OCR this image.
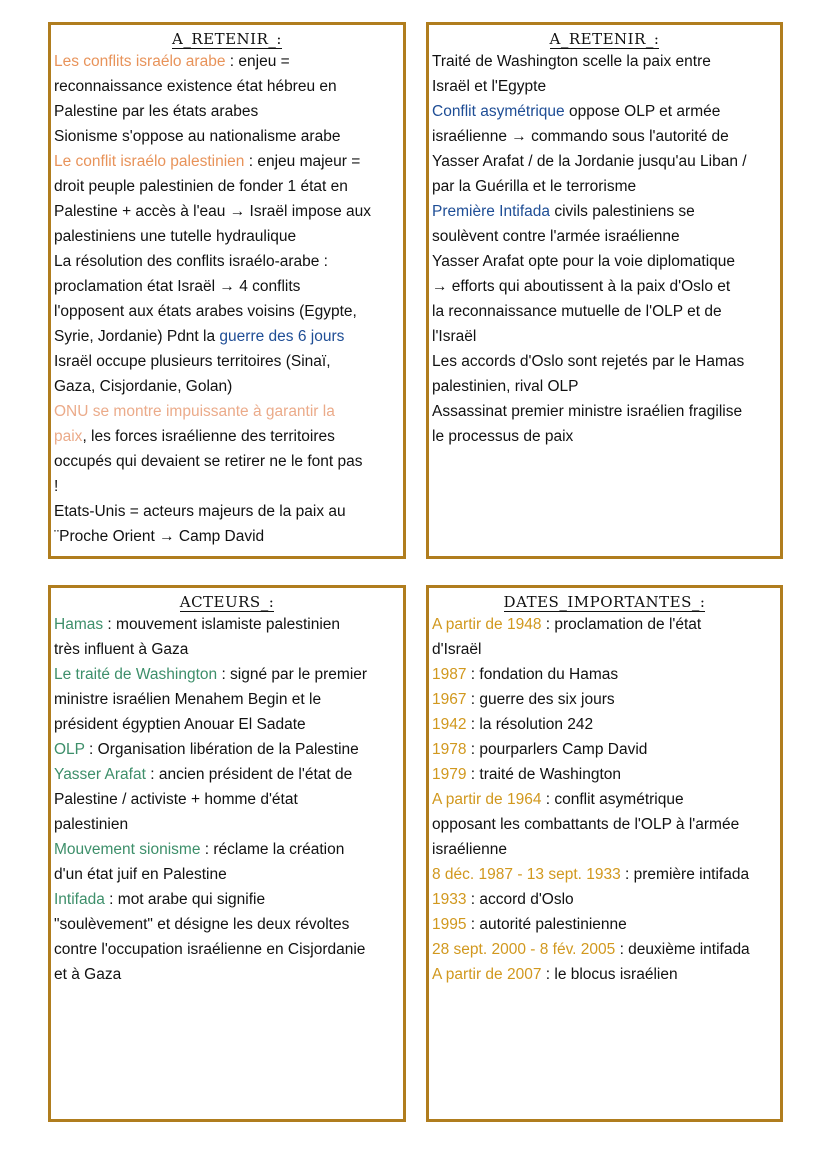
A_RETENIR_:
Les conflits israélo arabe : enjeu =
reconnaissance existence état hébreu en
Palestine par les états arabes
Sionisme s'oppose au nationalisme arabe
Le conflit israélo palestinien : enjeu majeur =
droit peuple palestinien de fonder 1 état en
Palestine + accès à l'eau → Israël impose aux
palestiniens une tutelle hydraulique
La résolution des conflits israélo-arabe :
proclamation état Israël → 4 conflits
l'opposent aux états arabes voisins (Egypte,
Syrie, Jordanie) Pdnt la guerre des 6 jours
Israël occupe plusieurs territoires (Sinaï,
Gaza, Cisjordanie, Golan)
ONU se montre impuissante à garantir la
paix, les forces israélienne des territoires
occupés qui devaient se retirer ne le font pas
!
Etats-Unis = acteurs majeurs de la paix au
¨Proche Orient → Camp David
A_RETENIR_:
Traité de Washington scelle la paix entre
Israël et l'Egypte
Conflit asymétrique oppose OLP et armée
israélienne → commando sous l'autorité de
Yasser Arafat / de la Jordanie jusqu'au Liban /
par la Guérilla et le terrorisme
Première Intifada civils palestiniens se
soulèvent contre l'armée israélienne
Yasser Arafat opte pour la voie diplomatique
→ efforts qui aboutissent à la paix d'Oslo et
la reconnaissance mutuelle de l'OLP et de
l'Israël
Les accords d'Oslo sont rejetés par le Hamas
palestinien, rival OLP
Assassinat premier ministre israélien fragilise
le processus de paix
ACTEURS_:
Hamas : mouvement islamiste palestinien
très influent à Gaza
Le traité de Washington : signé par le premier
ministre israélien Menahem Begin et le
président égyptien Anouar El Sadate
OLP : Organisation libération de la Palestine
Yasser Arafat : ancien président de l'état de
Palestine / activiste + homme d'état
palestinien
Mouvement sionisme : réclame la création
d'un état juif en Palestine
Intifada : mot arabe qui signifie
"soulèvement" et désigne les deux révoltes
contre l'occupation israélienne en Cisjordanie
et à Gaza
DATES_IMPORTANTES_:
A partir de 1948 : proclamation de l'état
d'Israël
1987 : fondation du Hamas
1967 : guerre des six jours
1942 : la résolution 242
1978 : pourparlers Camp David
1979 : traité de Washington
A partir de 1964 : conflit asymétrique
opposant les combattants de l'OLP à l'armée
israélienne
8 déc. 1987 - 13 sept. 1933 : première intifada
1933 : accord d'Oslo
1995 : autorité palestinienne
28 sept. 2000 - 8 fév. 2005 : deuxième intifada
A partir de 2007 : le blocus israélien
